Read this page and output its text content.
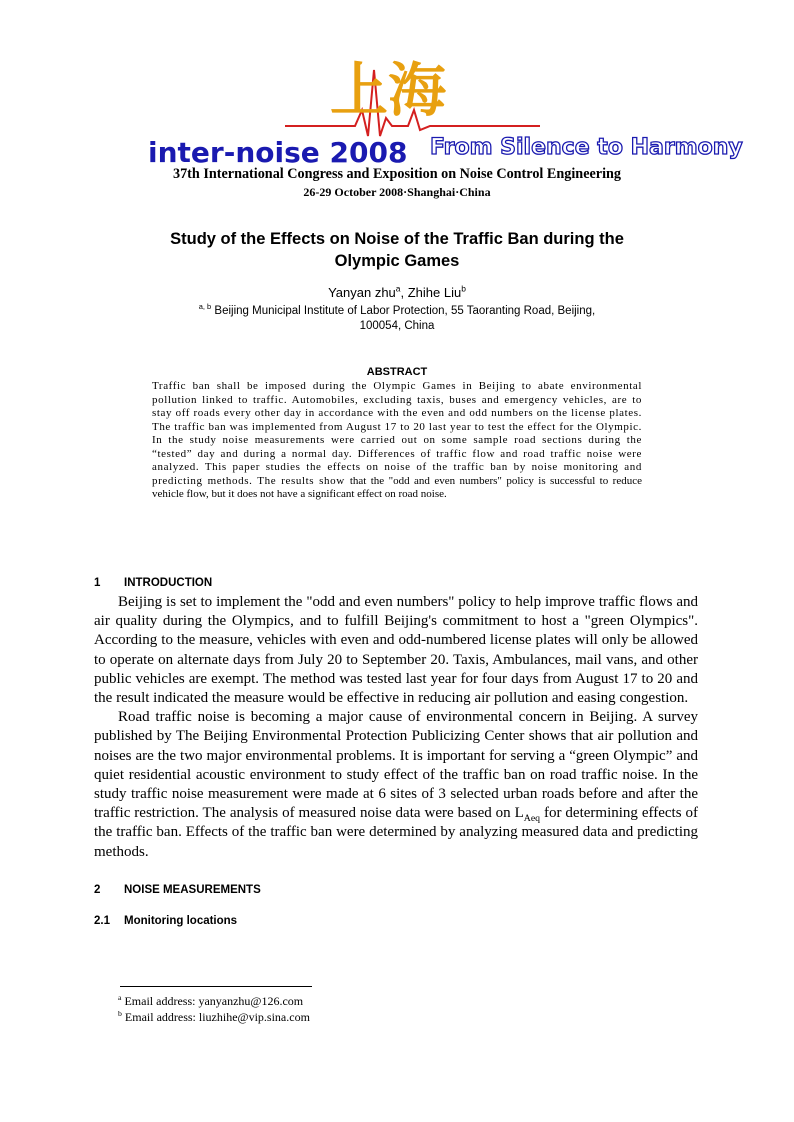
上海
inter-noise 2008 From Silence to Harmony
37th International Congress and Exposition on Noise Control Engineering
26-29 October 2008·Shanghai·China
Study of the Effects on Noise of the Traffic Ban during the
Olympic Games
Yanyan zhu$^a$, Zhihe Liu$^b$
$^{a, b}$ Beijing Municipal Institute of Labor Protection, 55 Taoranting Road, Beijing,
100054, China
ABSTRACT
Traffic ban shall be imposed during the Olympic Games in Beijing to abate environmental pollution linked to traffic. Automobiles, excluding taxis, buses and emergency vehicles, are to stay off roads every other day in accordance with the even and odd numbers on the license plates. The traffic ban was implemented from August 17 to 20 last year to test the effect for the Olympic. In the study noise measurements were carried out on some sample road sections during the “tested” day and during a normal day. Differences of traffic flow and road traffic noise were analyzed. This paper studies the effects on noise of the traffic ban by noise monitoring and predicting methods. The results show that the "odd and even numbers" policy is successful to reduce vehicle flow, but it does not have a significant effect on road noise.
1 INTRODUCTION

Beijing is set to implement the "odd and even numbers" policy to help improve traffic flows and air quality during the Olympics, and to fulfill Beijing's commitment to host a "green Olympics". According to the measure, vehicles with even and odd-numbered license plates will only be allowed to operate on alternate days from July 20 to September 20. Taxis, Ambulances, mail vans, and other public vehicles are exempt. The method was tested last year for four days from August 17 to 20 and the result indicated the measure would be effective in reducing air pollution and easing congestion.

Road traffic noise is becoming a major cause of environmental concern in Beijing. A survey published by The Beijing Environmental Protection Publicizing Center shows that air pollution and noises are the two major environmental problems. It is important for serving a “green Olympic” and quiet residential acoustic environment to study effect of the traffic ban on road traffic noise. In the study traffic noise measurement were made at 6 sites of 3 selected urban roads before and after the traffic restriction. The analysis of measured noise data were based on $L_{Aeq}$ for determining effects of the traffic ban. Effects of the traffic ban were determined by analyzing measured data and predicting methods.

2 NOISE MEASUREMENTS
2.1 Monitoring locations
$^a$ Email address: yanyanzhu@126.com
$^b$ Email address: liuzhihe@vip.sina.com
